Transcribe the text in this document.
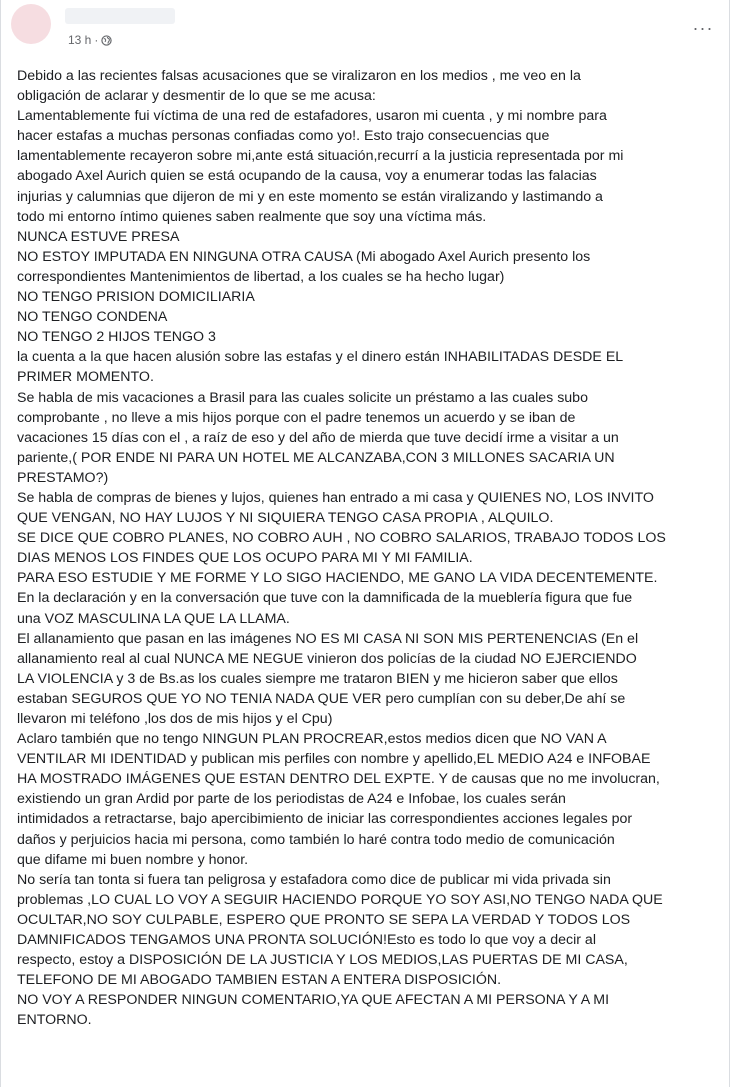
13 h ·
···

Debido a las recientes falsas acusaciones que se viralizaron en los medios , me veo en la

obligación de aclarar y desmentir de lo que se me acusa:

Lamentablemente fui víctima de una red de estafadores, usaron mi cuenta , y mi nombre para

hacer estafas a muchas personas confiadas como yo!. Esto trajo consecuencias que

lamentablemente recayeron sobre mi,ante está situación,recurrí a la justicia representada por mi

abogado Axel Aurich quien se está ocupando de la causa, voy a enumerar todas las falacias

injurias y calumnias que dijeron de mi y en este momento se están viralizando y lastimando a

todo mi entorno íntimo quienes saben realmente que soy una víctima más.

NUNCA ESTUVE PRESA

NO ESTOY IMPUTADA EN NINGUNA OTRA CAUSA (Mi abogado Axel Aurich presento los

correspondientes Mantenimientos de libertad, a los cuales se ha hecho lugar)

NO TENGO PRISION DOMICILIARIA

NO TENGO CONDENA

NO TENGO 2 HIJOS TENGO 3

la cuenta a la que hacen alusión sobre las estafas y el dinero están INHABILITADAS DESDE EL

PRIMER MOMENTO.

Se habla de mis vacaciones a Brasil para las cuales solicite un préstamo a las cuales subo

comprobante , no lleve a mis hijos porque con el padre tenemos un acuerdo y se iban de

vacaciones 15 días con el , a raíz de eso y del año de mierda que tuve decidí irme a visitar a un

pariente,( POR ENDE NI PARA UN HOTEL ME ALCANZABA,CON 3 MILLONES SACARIA UN

PRESTAMO?)

Se habla de compras de bienes y lujos, quienes han entrado a mi casa y QUIENES NO, LOS INVITO

QUE VENGAN, NO HAY LUJOS Y NI SIQUIERA TENGO CASA PROPIA , ALQUILO.

SE DICE QUE COBRO PLANES, NO COBRO AUH , NO COBRO SALARIOS, TRABAJO TODOS LOS

DIAS MENOS LOS FINDES QUE LOS OCUPO PARA MI Y MI FAMILIA.

PARA ESO ESTUDIE Y ME FORME Y LO SIGO HACIENDO, ME GANO LA VIDA DECENTEMENTE.

En la declaración y en la conversación que tuve con la damnificada de la mueblería figura que fue

una VOZ MASCULINA LA QUE LA LLAMA.

El allanamiento que pasan en las imágenes NO ES MI CASA NI SON MIS PERTENENCIAS (En el

allanamiento real al cual NUNCA ME NEGUE vinieron dos policías de la ciudad NO EJERCIENDO

LA VIOLENCIA y 3 de Bs.as los cuales siempre me trataron BIEN y me hicieron saber que ellos

estaban SEGUROS QUE YO NO TENIA NADA QUE VER pero cumplían con su deber,De ahí se

llevaron mi teléfono ,los dos de mis hijos y el Cpu)

Aclaro también que no tengo NINGUN PLAN PROCREAR,estos medios dicen que NO VAN A

VENTILAR MI IDENTIDAD y publican mis perfiles con nombre y apellido,EL MEDIO A24 e INFOBAE

HA MOSTRADO IMÁGENES QUE ESTAN DENTRO DEL EXPTE. Y de causas que no me involucran,

existiendo un gran Ardid por parte de los periodistas de A24 e Infobae, los cuales serán

intimidados a retractarse, bajo apercibimiento de iniciar las correspondientes acciones legales por

daños y perjuicios hacia mi persona, como también lo haré contra todo medio de comunicación

que difame mi buen nombre y honor.

No sería tan tonta si fuera tan peligrosa y estafadora como dice de publicar mi vida privada sin

problemas ,LO CUAL LO VOY A SEGUIR HACIENDO PORQUE YO SOY ASI,NO TENGO NADA QUE

OCULTAR,NO SOY CULPABLE, ESPERO QUE PRONTO SE SEPA LA VERDAD Y TODOS LOS

DAMNIFICADOS TENGAMOS UNA PRONTA SOLUCIÓN!Esto es todo lo que voy a decir al

respecto, estoy a DISPOSICIÓN DE LA JUSTICIA Y LOS MEDIOS,LAS PUERTAS DE MI CASA,

TELEFONO DE MI ABOGADO TAMBIEN ESTAN A ENTERA DISPOSICIÓN.

NO VOY A RESPONDER NINGUN COMENTARIO,YA QUE AFECTAN A MI PERSONA Y A MI

ENTORNO.
